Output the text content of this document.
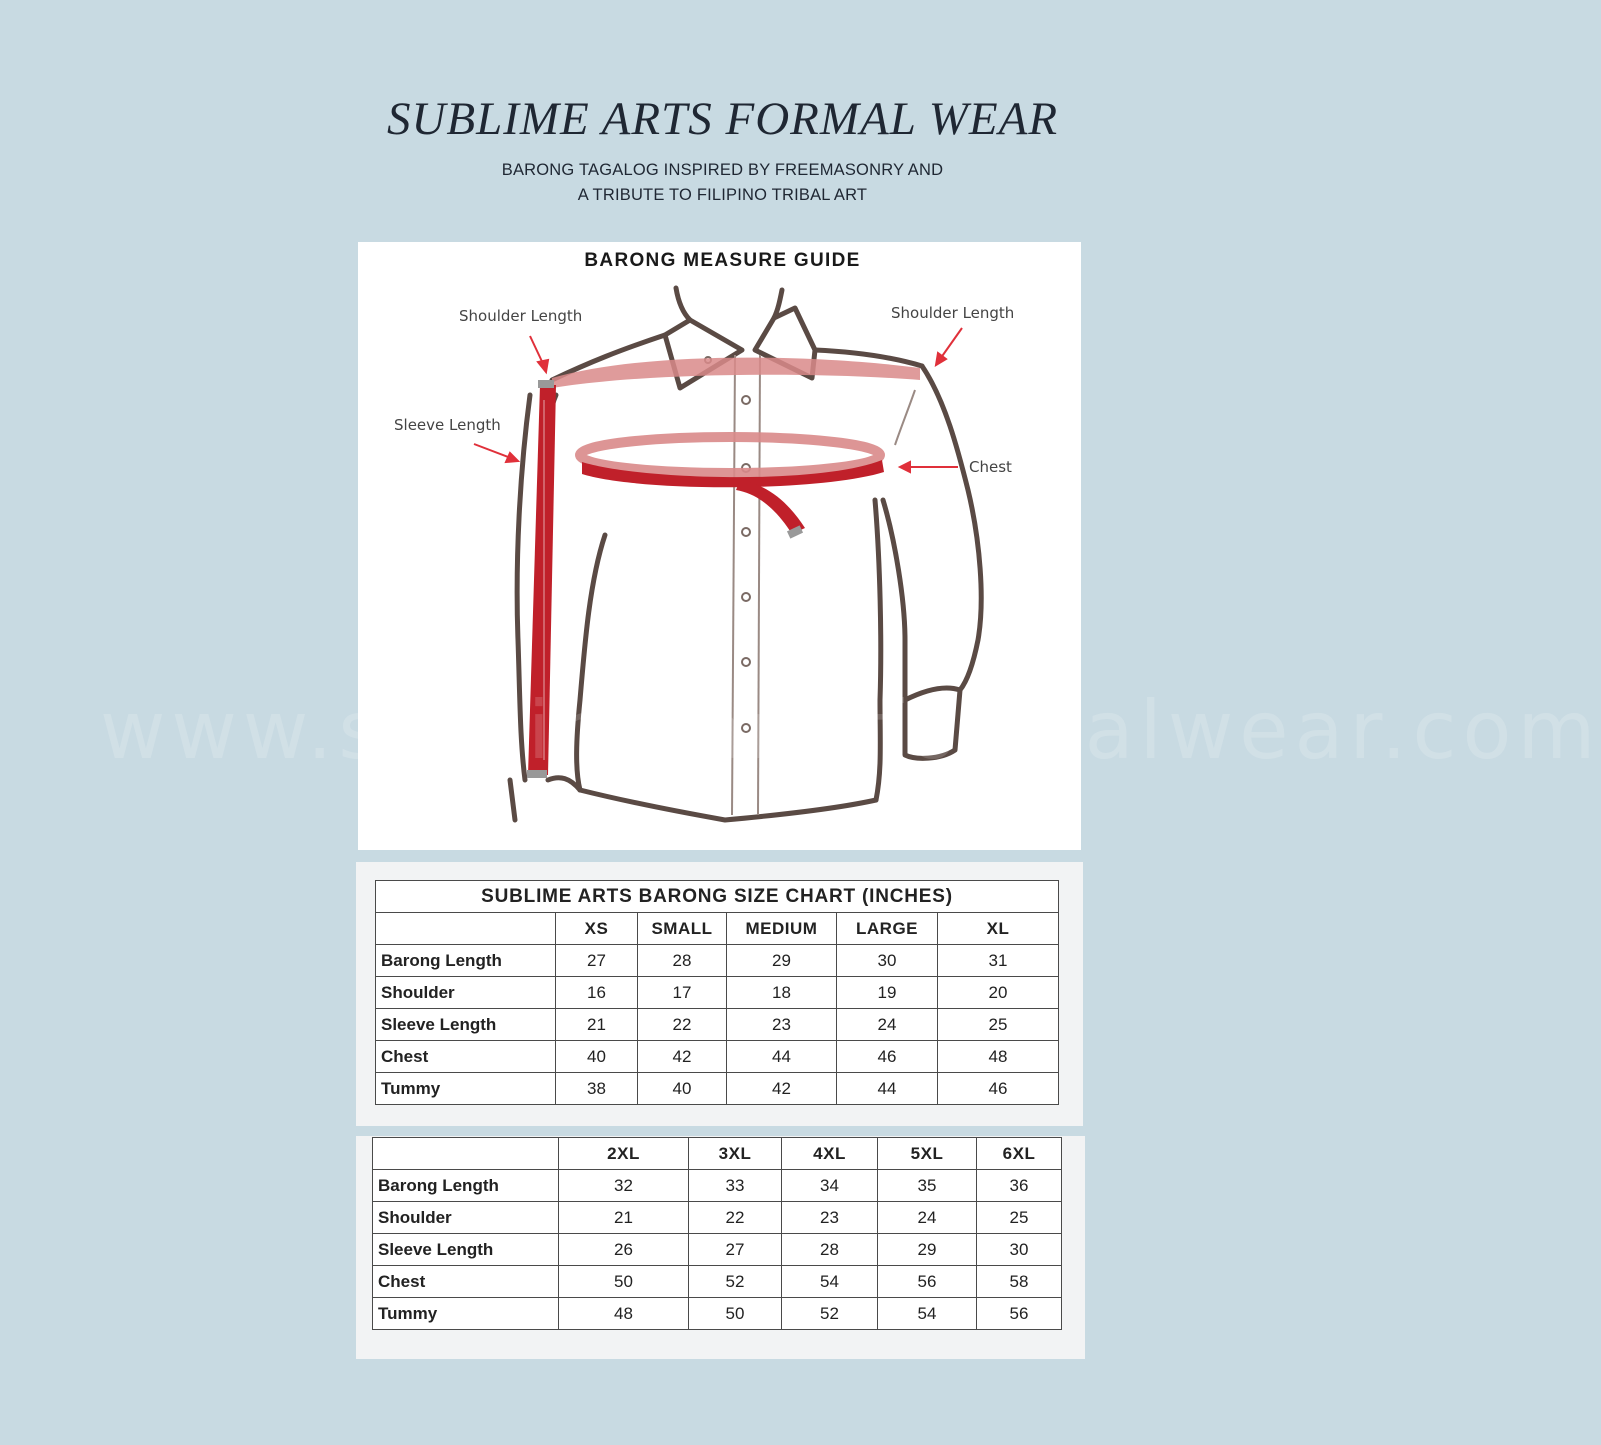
SUBLIME ARTS FORMAL WEAR
BARONG TAGALOG INSPIRED BY FREEMASONRY AND
A TRIBUTE TO FILIPINO TRIBAL ART
BARONG MEASURE GUIDE
Shoulder Length	Shoulder Length
Sleeve Length
Chest
www.sublimeartsformalwear.com
SUBLIME ARTS BARONG SIZE CHART (INCHES)					
	XS	SMALL	MEDIUM	LARGE	XL
Barong Length	27	28	29	30	31
Shoulder	16	17	18	19	20
Sleeve Length	21	22	23	24	25
Chest	40	42	44	46	48
Tummy	38	40	42	44	46
	2XL	3XL	4XL	5XL	6XL
Barong Length	32	33	34	35	36
Shoulder	21	22	23	24	25
Sleeve Length	26	27	28	29	30
Chest	50	52	54	56	58
Tummy	48	50	52	54	56
